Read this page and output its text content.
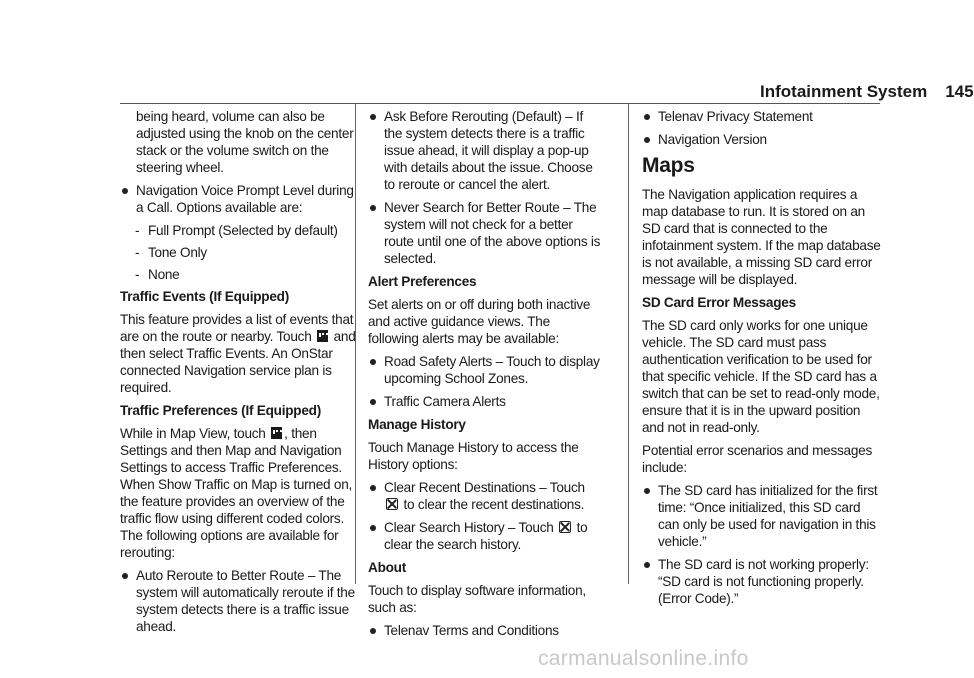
Infotainment System 145

being heard, volume can also be adjusted using the knob on the center stack or the volume switch on the steering wheel.

Navigation Voice Prompt Level during a Call. Options available are:
- Full Prompt (Selected by default)
- Tone Only
- None

Traffic Events (If Equipped)

This feature provides a list of events that are on the route or nearby. Touch and then select Traffic Events. An OnStar connected Navigation service plan is required.

Traffic Preferences (If Equipped)

While in Map View, touch , then Settings and then Map and Navigation Settings to access Traffic Preferences. When Show Traffic on Map is turned on, the feature provides an overview of the traffic flow using different coded colors. The following options are available for rerouting:

Auto Reroute to Better Route – The system will automatically reroute if the system detects there is a traffic issue ahead.
Ask Before Rerouting (Default) – If the system detects there is a traffic issue ahead, it will display a pop-up with details about the issue. Choose to reroute or cancel the alert.
Never Search for Better Route – The system will not check for a better route until one of the above options is selected.

Alert Preferences

Set alerts on or off during both inactive and active guidance views. The following alerts may be available:

Road Safety Alerts – Touch to display upcoming School Zones.
Traffic Camera Alerts

Manage History

Touch Manage History to access the History options:

Clear Recent Destinations – Touch  to clear the recent destinations.
Clear Search History – Touch to clear the search history.

About

Touch to display software information, such as:

Telenav Terms and Conditions
Telenav Privacy Statement
Navigation Version
Maps

The Navigation application requires a map database to run. It is stored on an SD card that is connected to the infotainment system. If the map database is not available, a missing SD card error message will be displayed.

SD Card Error Messages

The SD card only works for one unique vehicle. The SD card must pass authentication verification to be used for that specific vehicle. If the SD card has a switch that can be set to read-only mode, ensure that it is in the upward position and not in read-only.

Potential error scenarios and messages include:

The SD card has initialized for the first time: “Once initialized, this SD card can only be used for navigation in this vehicle.”
The SD card is not working properly: “SD card is not functioning properly. (Error Code).”
carmanualsonline.info
